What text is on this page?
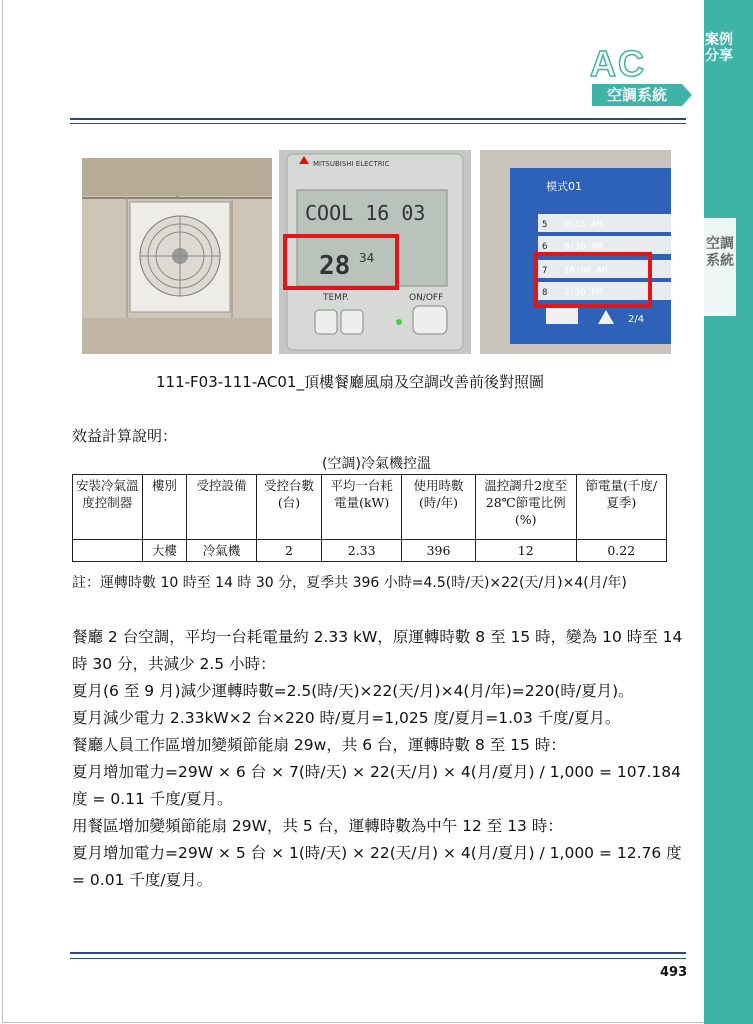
案例分享
空調系統
AC
空調系統
MITSUBISHI ELECTRIC
COOL 16 03
28 34
TEMP.	ON/OFF
模式01
5 9:15 AM
6 9:30 AM
7 10:00 AM
8 2:30 PM
2/4
111-F03-111-AC01_頂樓餐廳風扇及空調改善前後對照圖
效益計算說明：
(空調)冷氣機控溫
安裝冷氣溫度控制器	樓別	受控設備	受控台數(台)	平均一台耗電量(kW)	使用時數(時/年)	溫控調升2度至28℃節電比例(%)	節電量(千度/夏季)
	大樓	冷氣機	2	2.33	396	12	0.22
註：運轉時數 10 時至 14 時 30 分，夏季共 396 小時=4.5(時/天)×22(天/月)×4(月/年)

餐廳 2 台空調，平均一台耗電量約 2.33 kW，原運轉時數 8 至 15 時，變為 10 時至 14 時 30 分，共減少 2.5 小時：

夏月(6 至 9 月)減少運轉時數=2.5(時/天)×22(天/月)×4(月/年)=220(時/夏月)。

夏月減少電力 2.33kW×2 台×220 時/夏月=1,025 度/夏月=1.03 千度/夏月。

餐廳人員工作區增加變頻節能扇 29w，共 6 台，運轉時數 8 至 15 時：

夏月增加電力=29W × 6 台 × 7(時/天) × 22(天/月) × 4(月/夏月) / 1,000 = 107.184 度 = 0.11 千度/夏月。

用餐區增加變頻節能扇 29W，共 5 台，運轉時數為中午 12 至 13 時：

夏月增加電力=29W × 5 台 × 1(時/天) × 22(天/月) × 4(月/夏月) / 1,000 = 12.76 度= 0.01 千度/夏月。

493
